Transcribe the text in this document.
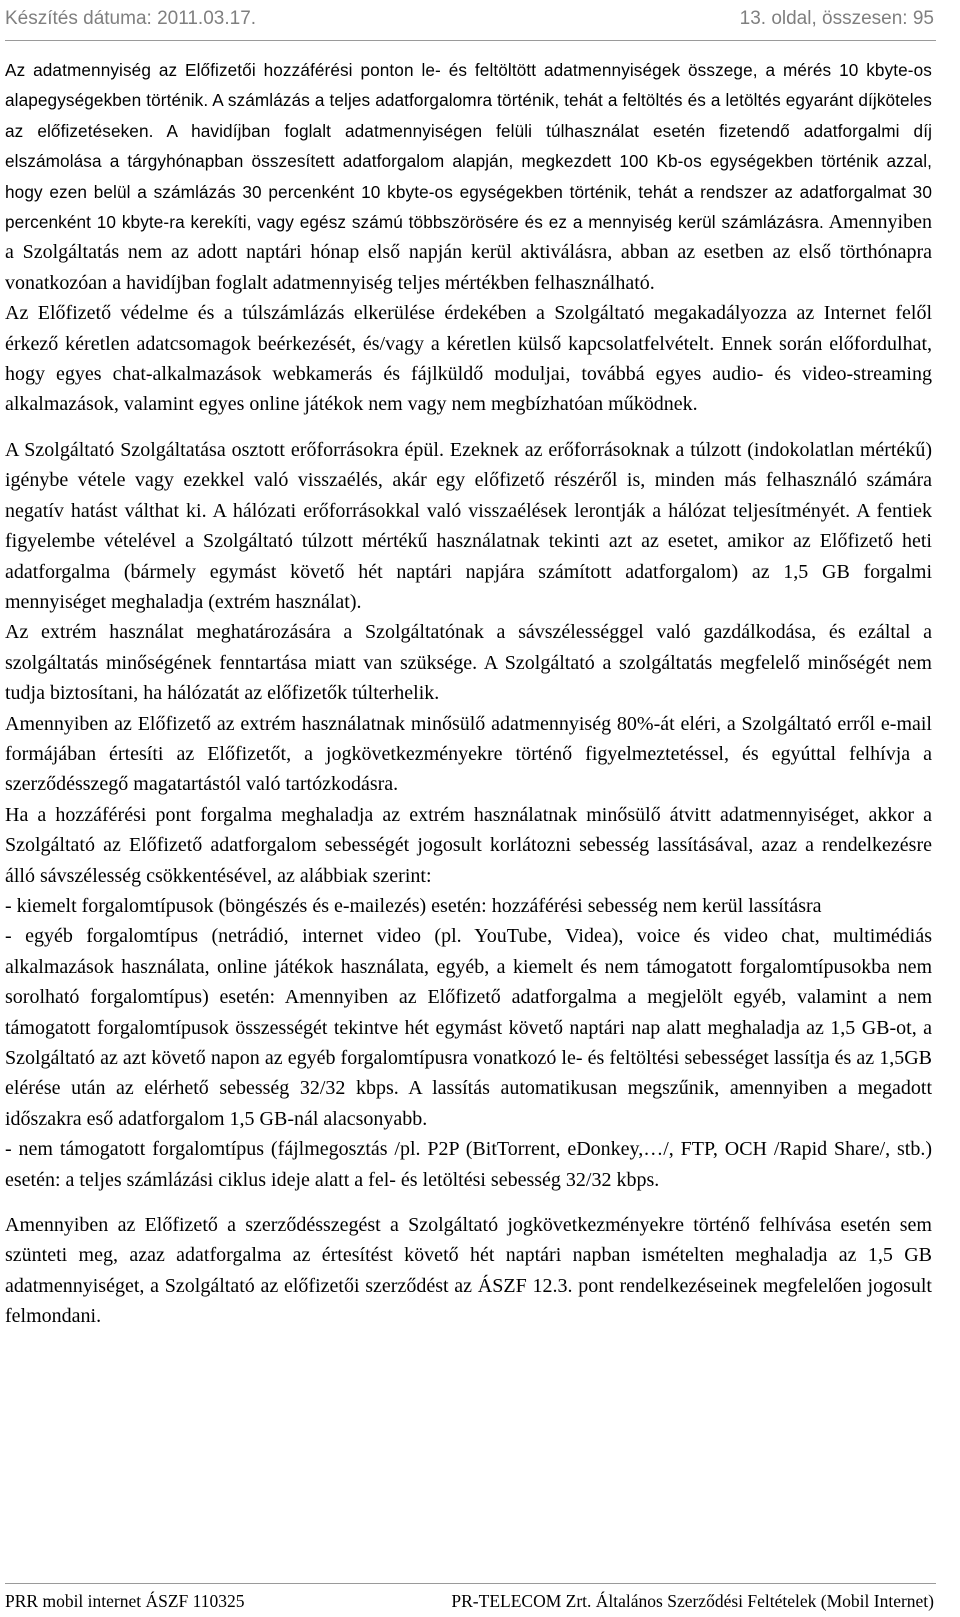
Készítés dátuma: 2011.03.17.	13. oldal, összesen: 95

Az adatmennyiség az Előfizetői hozzáférési ponton le- és feltöltött adatmennyiségek összege, a mérés 10 kbyte-os alapegységekben történik. A számlázás a teljes adatforgalomra történik, tehát a feltöltés és a letöltés egyaránt díjköteles az előfizetéseken. A havidíjban foglalt adatmennyiségen felüli túlhasználat esetén fizetendő adatforgalmi díj elszámolása a tárgyhónapban összesített adatforgalom alapján, megkezdett 100 Kb-os egységekben történik azzal, hogy ezen belül a számlázás 30 percenként 10 kbyte-os egységekben történik, tehát a rendszer az adatforgalmat 30 percenként 10 kbyte-ra kerekíti, vagy egész számú többszörösére és ez a mennyiség kerül számlázásra. Amennyiben a Szolgáltatás nem az adott naptári hónap első napján kerül aktiválásra, abban az esetben az első törthónapra vonatkozóan a havidíjban foglalt adatmennyiség teljes mértékben felhasználható.

Az Előfizető védelme és a túlszámlázás elkerülése érdekében a Szolgáltató megakadályozza az Internet felől érkező kéretlen adatcsomagok beérkezését, és/vagy a kéretlen külső kapcsolatfelvételt. Ennek során előfordulhat, hogy egyes chat-alkalmazások webkamerás és fájlküldő moduljai, továbbá egyes audio- és video-streaming alkalmazások, valamint egyes online játékok nem vagy nem megbízhatóan működnek.

A Szolgáltató Szolgáltatása osztott erőforrásokra épül. Ezeknek az erőforrásoknak a túlzott (indokolatlan mértékű) igénybe vétele vagy ezekkel való visszaélés, akár egy előfizető részéről is, minden más felhasználó számára negatív hatást válthat ki. A hálózati erőforrásokkal való visszaélések lerontják a hálózat teljesítményét. A fentiek figyelembe vételével a Szolgáltató túlzott mértékű használatnak tekinti azt az esetet, amikor az Előfizető heti adatforgalma (bármely egymást követő hét naptári napjára számított adatforgalom) az 1,5 GB forgalmi mennyiséget meghaladja (extrém használat).

Az extrém használat meghatározására a Szolgáltatónak a sávszélességgel való gazdálkodása, és ezáltal a szolgáltatás minőségének fenntartása miatt van szüksége. A Szolgáltató a szolgáltatás megfelelő minőségét nem tudja biztosítani, ha hálózatát az előfizetők túlterhelik.

Amennyiben az Előfizető az extrém használatnak minősülő adatmennyiség 80%-át eléri, a Szolgáltató erről e-mail formájában értesíti az Előfizetőt, a jogkövetkezményekre történő figyelmeztetéssel, és egyúttal felhívja a szerződésszegő magatartástól való tartózkodásra.

Ha a hozzáférési pont forgalma meghaladja az extrém használatnak minősülő átvitt adatmennyiséget, akkor a Szolgáltató az Előfizető adatforgalom sebességét jogosult korlátozni sebesség lassításával, azaz a rendelkezésre álló sávszélesség csökkentésével, az alábbiak szerint:

- kiemelt forgalomtípusok (böngészés és e-mailezés) esetén: hozzáférési sebesség nem kerül lassításra

- egyéb forgalomtípus (netrádió, internet video (pl. YouTube, Videa), voice és video chat, multimédiás alkalmazások használata, online játékok használata, egyéb, a kiemelt és nem támogatott forgalomtípusokba nem sorolható forgalomtípus) esetén: Amennyiben az Előfizető adatforgalma a megjelölt egyéb, valamint a nem támogatott forgalomtípusok összességét tekintve hét egymást követő naptári nap alatt meghaladja az 1,5 GB-ot, a Szolgáltató az azt követő napon az egyéb forgalomtípusra vonatkozó le- és feltöltési sebességet lassítja és az 1,5GB elérése után az elérhető sebesség 32/32 kbps. A lassítás automatikusan megszűnik, amennyiben a megadott időszakra eső adatforgalom 1,5 GB-nál alacsonyabb.

- nem támogatott forgalomtípus (fájlmegosztás /pl. P2P (BitTorrent, eDonkey,…/, FTP, OCH /Rapid Share/, stb.) esetén: a teljes számlázási ciklus ideje alatt a fel- és letöltési sebesség 32/32 kbps.

Amennyiben az Előfizető a szerződésszegést a Szolgáltató jogkövetkezményekre történő felhívása esetén sem szünteti meg, azaz adatforgalma az értesítést követő hét naptári napban ismételten meghaladja az 1,5 GB adatmennyiséget, a Szolgáltató az előfizetői szerződést az ÁSZF 12.3. pont rendelkezéseinek megfelelően jogosult felmondani.

PRR mobil internet ÁSZF 110325	PR-TELECOM Zrt. Általános Szerződési Feltételek (Mobil Internet)
